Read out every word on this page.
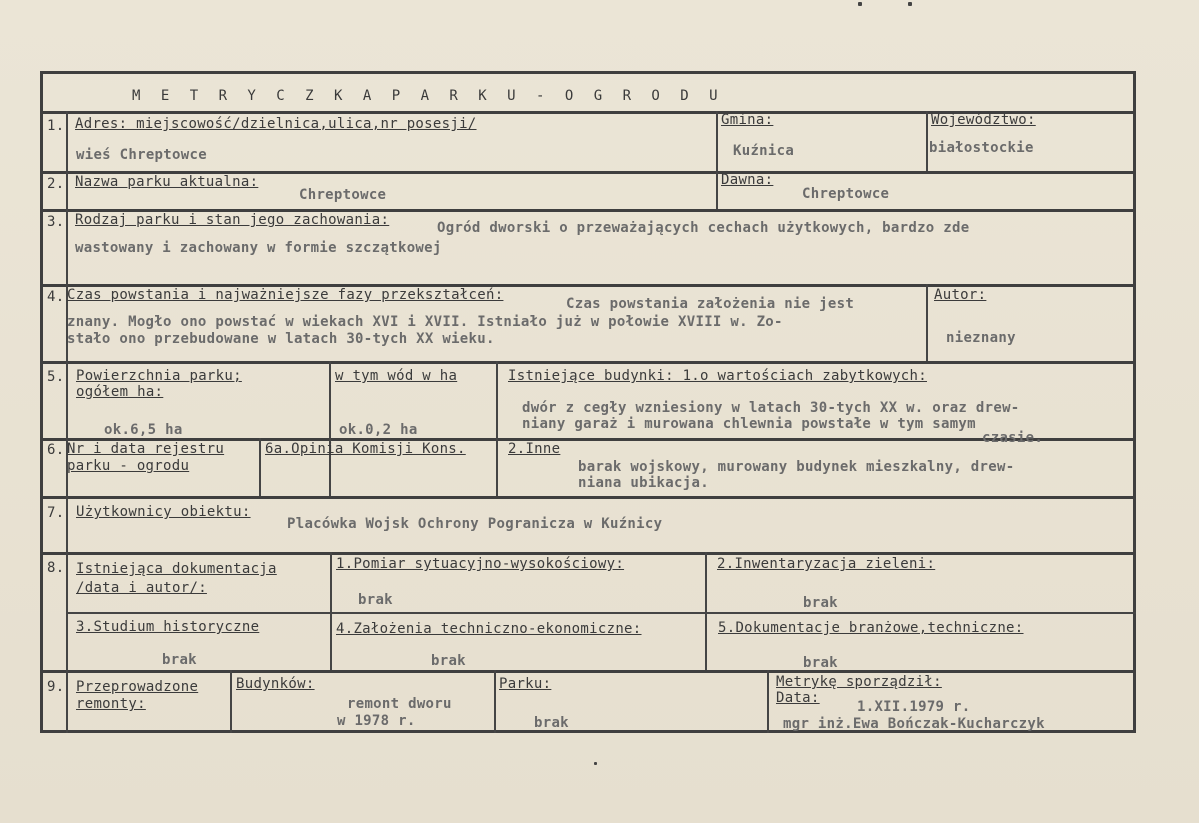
M E T R Y C Z K A P A R K U - O G R O D U
1. Adres: miejscowość/dzielnica,ulica,nr posesji/
wieś Chreptowce
Gmina:
Kuźnica
Województwo:
białostockie
2. Nazwa parku aktualna:
Chreptowce
Dawna:
Chreptowce
3. Rodzaj parku i stan jego zachowania:	Ogród dworski o przeważających cechach użytkowych, bardzo zde
wastowany i zachowany w formie szczątkowej
4. Czas powstania i najważniejsze fazy przekształceń:
Czas powstania założenia nie jest
znany. Mogło ono powstać w wiekach XVI i XVII. Istniało już w połowie XVIII w. Zo-
stało ono przebudowane w latach 30-tych XX wieku.
Autor:
nieznany
5. Powierzchnia parku;
ogółem ha:
ok.6,5 ha
w tym wód w ha
ok.0,2 ha
Istniejące budynki: 1.o wartościach zabytkowych:
dwór z cegły wzniesiony w latach 30-tych XX w. oraz drew-
niany garaż i murowana chlewnia powstałe w tym samym
czasie.
6. Nr i data rejestru
parku - ogrodu
6a.Opinia Komisji Kons.	2.Inne
barak wojskowy, murowany budynek mieszkalny, drew-
niana ubikacja.
7. Użytkownicy obiektu:
Placówka Wojsk Ochrony Pogranicza w Kuźnicy
8. Istniejąca dokumentacja
/data i autor/:
1.Pomiar sytuacyjno-wysokościowy:
brak
2.Inwentaryzacja zieleni:
brak
3.Studium historyczne
brak
4.Założenia techniczno-ekonomiczne:
brak
5.Dokumentacje branżowe,techniczne:
brak
9. Przeprowadzone
remonty:
Budynków:
remont dworu
w 1978 r.
Parku:
brak
Metrykę sporządził:
Data:
1.XII.1979 r.
mgr inż.Ewa Bończak-Kucharczyk
